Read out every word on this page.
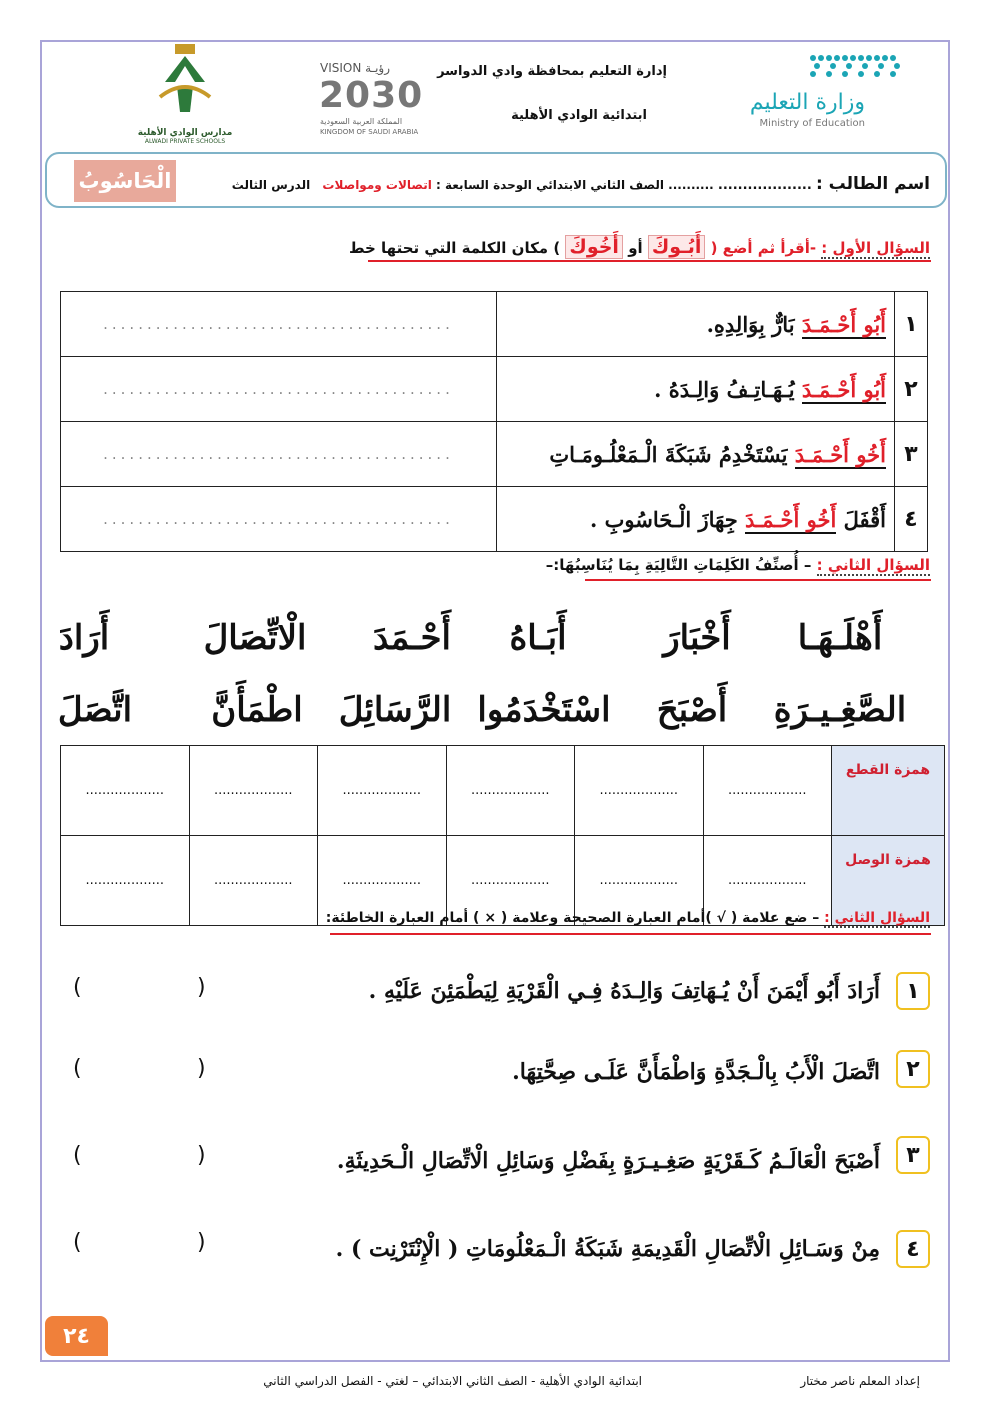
وزارة التعليم
Ministry of Education
إدارة التعليم بمحافظة وادي الدواسر
ابتدائية الوادي الأهلية
VISION رؤيـة
2030
المملكة العربية السعودية
KINGDOM OF SAUDI ARABIA
مدارس الوادي الأهلية
ALWADI PRIVATE SCHOOLS
اسم الطالب : ................... .......... الصف الثاني الابتدائي الوحدة السابعة : اتصالات ومواصلات الدرس الثالث
الْحَاسُوبُ
السؤال الأول : -أقرأ ثم أضع ( أَبُـوكَ أو أَخُوكَ ) مكان الكلمة التي تحتها خط
١	أَبُو أَحْـمَـدَ بَارٌّ بِوَالِدِهِ.	........................................
٢	أَبُو أَحْـمَـدَ يُـهَـاتِـفُ وَالِـدَهُ .	........................................
٣	أَخُو أَحْـمَـدَ يَسْتَخْدِمُ شَبَكَةَ الْـمَعْلُـومَـاتِ	........................................
٤	أَقْفَلَ أَخُو أَحْـمَـدَ جِهَازَ الْـحَاسُوبِ .	........................................
السؤال الثاني : – أُصنِّفُ الكَلِمَاتِ التَّالِيَةِ بِمَا يُنَاسِبُهَا:–
أَرَادَ	الْاتِّصَالَ أَحْـمَدَ أَبَـاهُ	أَخْبَارَ أَهْلَـهَـا
اتَّصَلَ اطْمَأَنَّ الرَّسَائِلَ اسْتَخْدَمُوا أَصْبَحَ الصَّغِـيـرَةِ
همزة القطع	...................	...................	...................	...................	...................	...................
همزة الوصل	...................	...................	...................	...................	...................	...................
السؤال الثاني : – ضع علامة ( √ )أمام العبارة الصحيحة وعلامة ( × ) أمام العبارة الخاطئة:
١
أَرَادَ أَبُو أَيْمَنَ أَنْ يُـهَاتِفَ وَالِـدَهُ فِـي الْقَرْيَةِ لِيَطْمَئِنَ عَلَيْهِ .
(
)
٢
اتَّصَلَ الْأَبُ بِالْـجَدَّةِ وَاطْمَأَنَّ عَلَـى صِحَّتِهَا.
(
)
٣
أَصْبَحَ الْعَالَـمُ كَـقَرْيَةٍ صَغِـيـرَةٍ بِفَضْلِ وَسَائِلِ الْاتِّصَالِ الْـحَدِيثَةِ.
(
)
٤
مِنْ وَسَـائِلِ الْاتِّصَالِ الْقَدِيمَةِ شَبَكَةُ الْـمَعْلُومَاتِ ( الْإِنْتَرْنِت ) .
(
)
٢٤
إعداد المعلم ناصر مختار
ابتدائية الوادي الأهلية - الصف الثاني الابتدائي – لغتي - الفصل الدراسي الثاني
